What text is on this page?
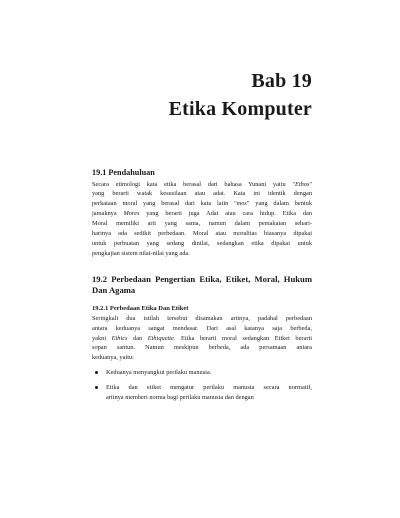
Bab 19
Etika Komputer
19.1 Pendahuluan
Secara etimologi kata etika berasal dari bahasa Yunani yaitu "Ethos"
yang berarti watak kesusilaan atau adat. Kata ini identik dengan
perkataan moral yang berasal dari kata latin "mos" yang dalam bentuk
jamaknya Mores yang berarti juga Adat atau cara hidup. Etika dan
Moral memiliki arti yang sama, namun dalam pemakaian sehari-
harinya ada sedikit perbedaan. Moral atau moralitas biasanya dipakai
untuk perbuatan yang sedang dinilai, sedangkan etika dipakai untuk
pengkajian sistem nilai-nilai yang ada.
19.2 Perbedaan Pengertian Etika, Etiket, Moral, Hukum
Dan Agama
19.2.1 Perbedaan Etika Dan Etiket
Seringkali dua istilah tersebut disamakan artinya, padahal perbedaan
antara keduanya sangat mendasar. Dari asal katanya saja berbeda,
yakni Ethics dan Ethiquette. Etika berarti moral sedangkan Etiket berarti
sopan santun. Namun meskipun berbeda, ada persamaan antara
keduanya, yaitu:
Keduanya menyangkut perilaku manusia.
Etika dan etiket mengatur perilaku manusia secara normatif,
artinya memberi norma bagi perilaku manusia dan dengan
